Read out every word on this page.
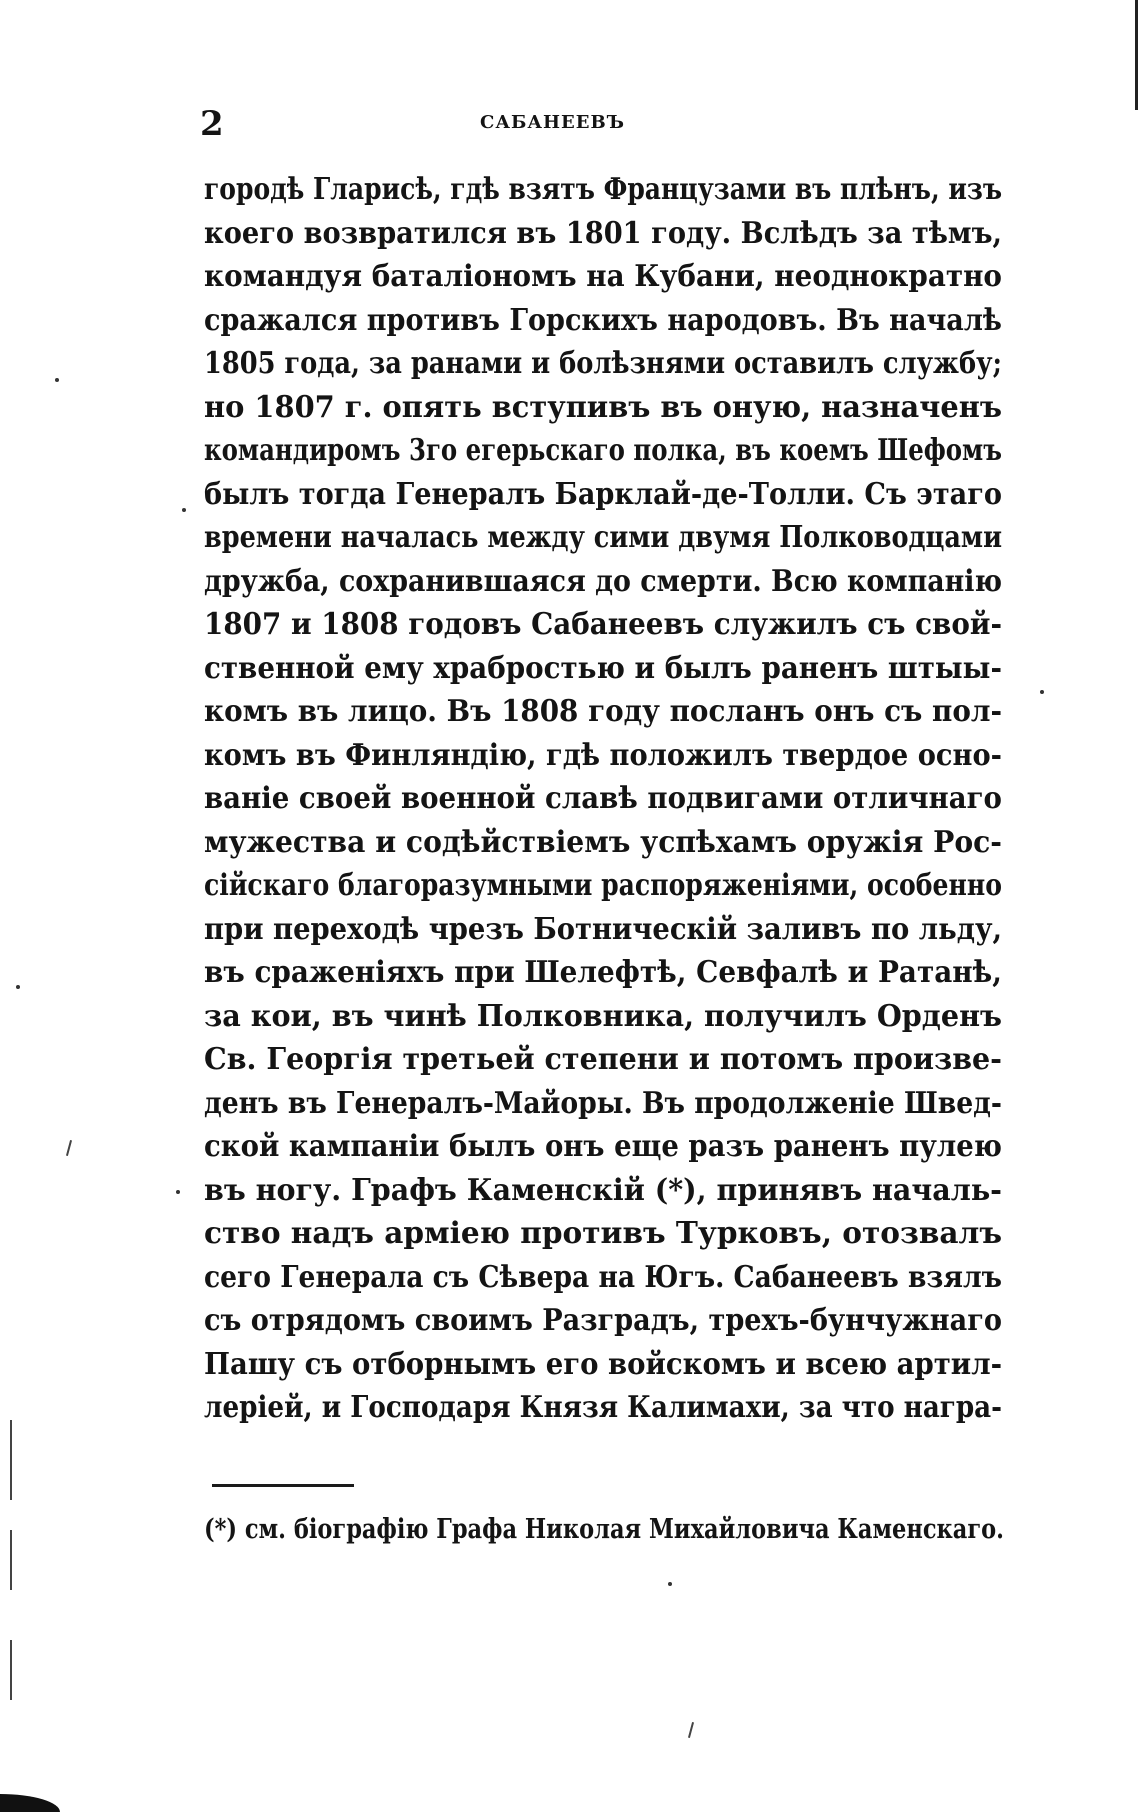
2	САБАНЕЕВЪ
городѣ Гларисѣ, гдѣ взятъ Французами въ плѣнъ, изъ
коего возвратился въ 1801 году. Вслѣдъ за тѣмъ,
командуя баталіономъ на Кубани, неоднократно
сражался противъ Горскихъ народовъ. Въ началѣ
1805 года, за ранами и болѣзнями оставилъ службу;
но 1807 г. опять вступивъ въ оную, назначенъ
командиромъ 3го егерьскаго полка, въ коемъ Шефомъ
былъ тогда Генералъ Барклай-де-Толли. Съ этаго
времени началась между сими двумя Полководцами
дружба, сохранившаяся до смерти. Всю компанію
1807 и 1808 годовъ Сабанеевъ служилъ съ свой-
ственной ему храбростью и былъ раненъ штыы-
комъ въ лицо. Въ 1808 году посланъ онъ съ пол-
комъ въ Финляндію, гдѣ положилъ твердое осно-
ваніе своей военной славѣ подвигами отличнаго
мужества и содѣйствіемъ успѣхамъ оружія Рос-
сійскаго благоразумными распоряженіями, особенно
при переходѣ чрезъ Ботническій заливъ по льду,
въ сраженіяхъ при Шелефтѣ, Севфалѣ и Ратанѣ,
за кои, въ чинѣ Полковника, получилъ Орденъ
Св. Георгія третьей степени и потомъ произве-
денъ въ Генералъ-Майоры. Въ продолженіе Швед-
ской кампаніи былъ онъ еще разъ раненъ пулею
въ ногу. Графъ Каменскій (*), принявъ началь-
ство надъ арміею противъ Турковъ, отозвалъ
сего Генерала съ Сѣвера на Югъ. Сабанеевъ взялъ
съ отрядомъ своимъ Разградъ, трехъ-бунчужнаго
Пашу съ отборнымъ его войскомъ и всею артил-
леріей, и Господаря Князя Калимахи, за что награ-
(*) см. біографію Графа Николая Михайловича Каменскаго.
